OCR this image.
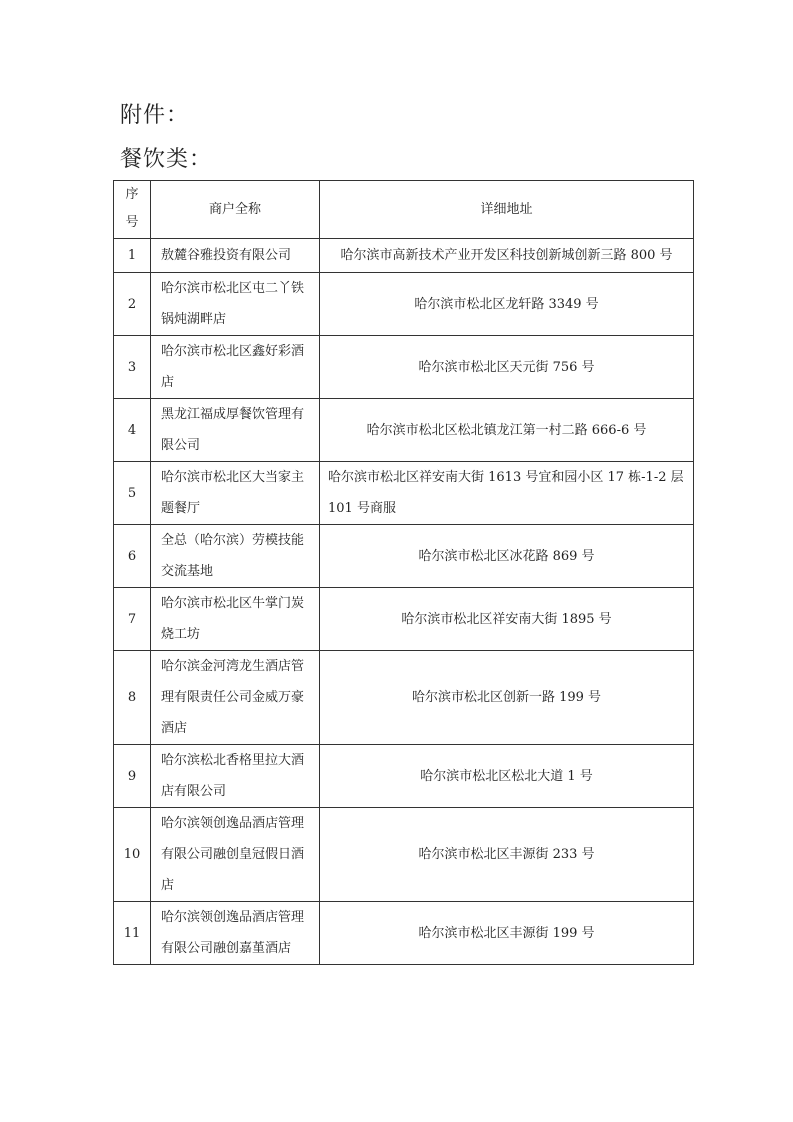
附件：
餐饮类：
序号	商户全称	详细地址
1	敖麓谷雅投资有限公司	哈尔滨市高新技术产业开发区科技创新城创新三路 800 号
2	哈尔滨市松北区屯二丫铁锅炖湖畔店	哈尔滨市松北区龙轩路 3349 号
3	哈尔滨市松北区鑫好彩酒店	哈尔滨市松北区天元街 756 号
4	黑龙江福成厚餐饮管理有限公司	哈尔滨市松北区松北镇龙江第一村二路 666-6 号
5	哈尔滨市松北区大当家主题餐厅	哈尔滨市松北区祥安南大街 1613 号宜和园小区 17 栋-1-2 层 101 号商服
6	全总（哈尔滨）劳模技能交流基地	哈尔滨市松北区冰花路 869 号
7	哈尔滨市松北区牛掌门炭烧工坊	哈尔滨市松北区祥安南大街 1895 号
8	哈尔滨金河湾龙生酒店管理有限责任公司金威万豪酒店	哈尔滨市松北区创新一路 199 号
9	哈尔滨松北香格里拉大酒店有限公司	哈尔滨市松北区松北大道 1 号
10	哈尔滨领创逸品酒店管理有限公司融创皇冠假日酒店	哈尔滨市松北区丰源街 233 号
11	哈尔滨领创逸品酒店管理有限公司融创嘉堇酒店	哈尔滨市松北区丰源街 199 号
